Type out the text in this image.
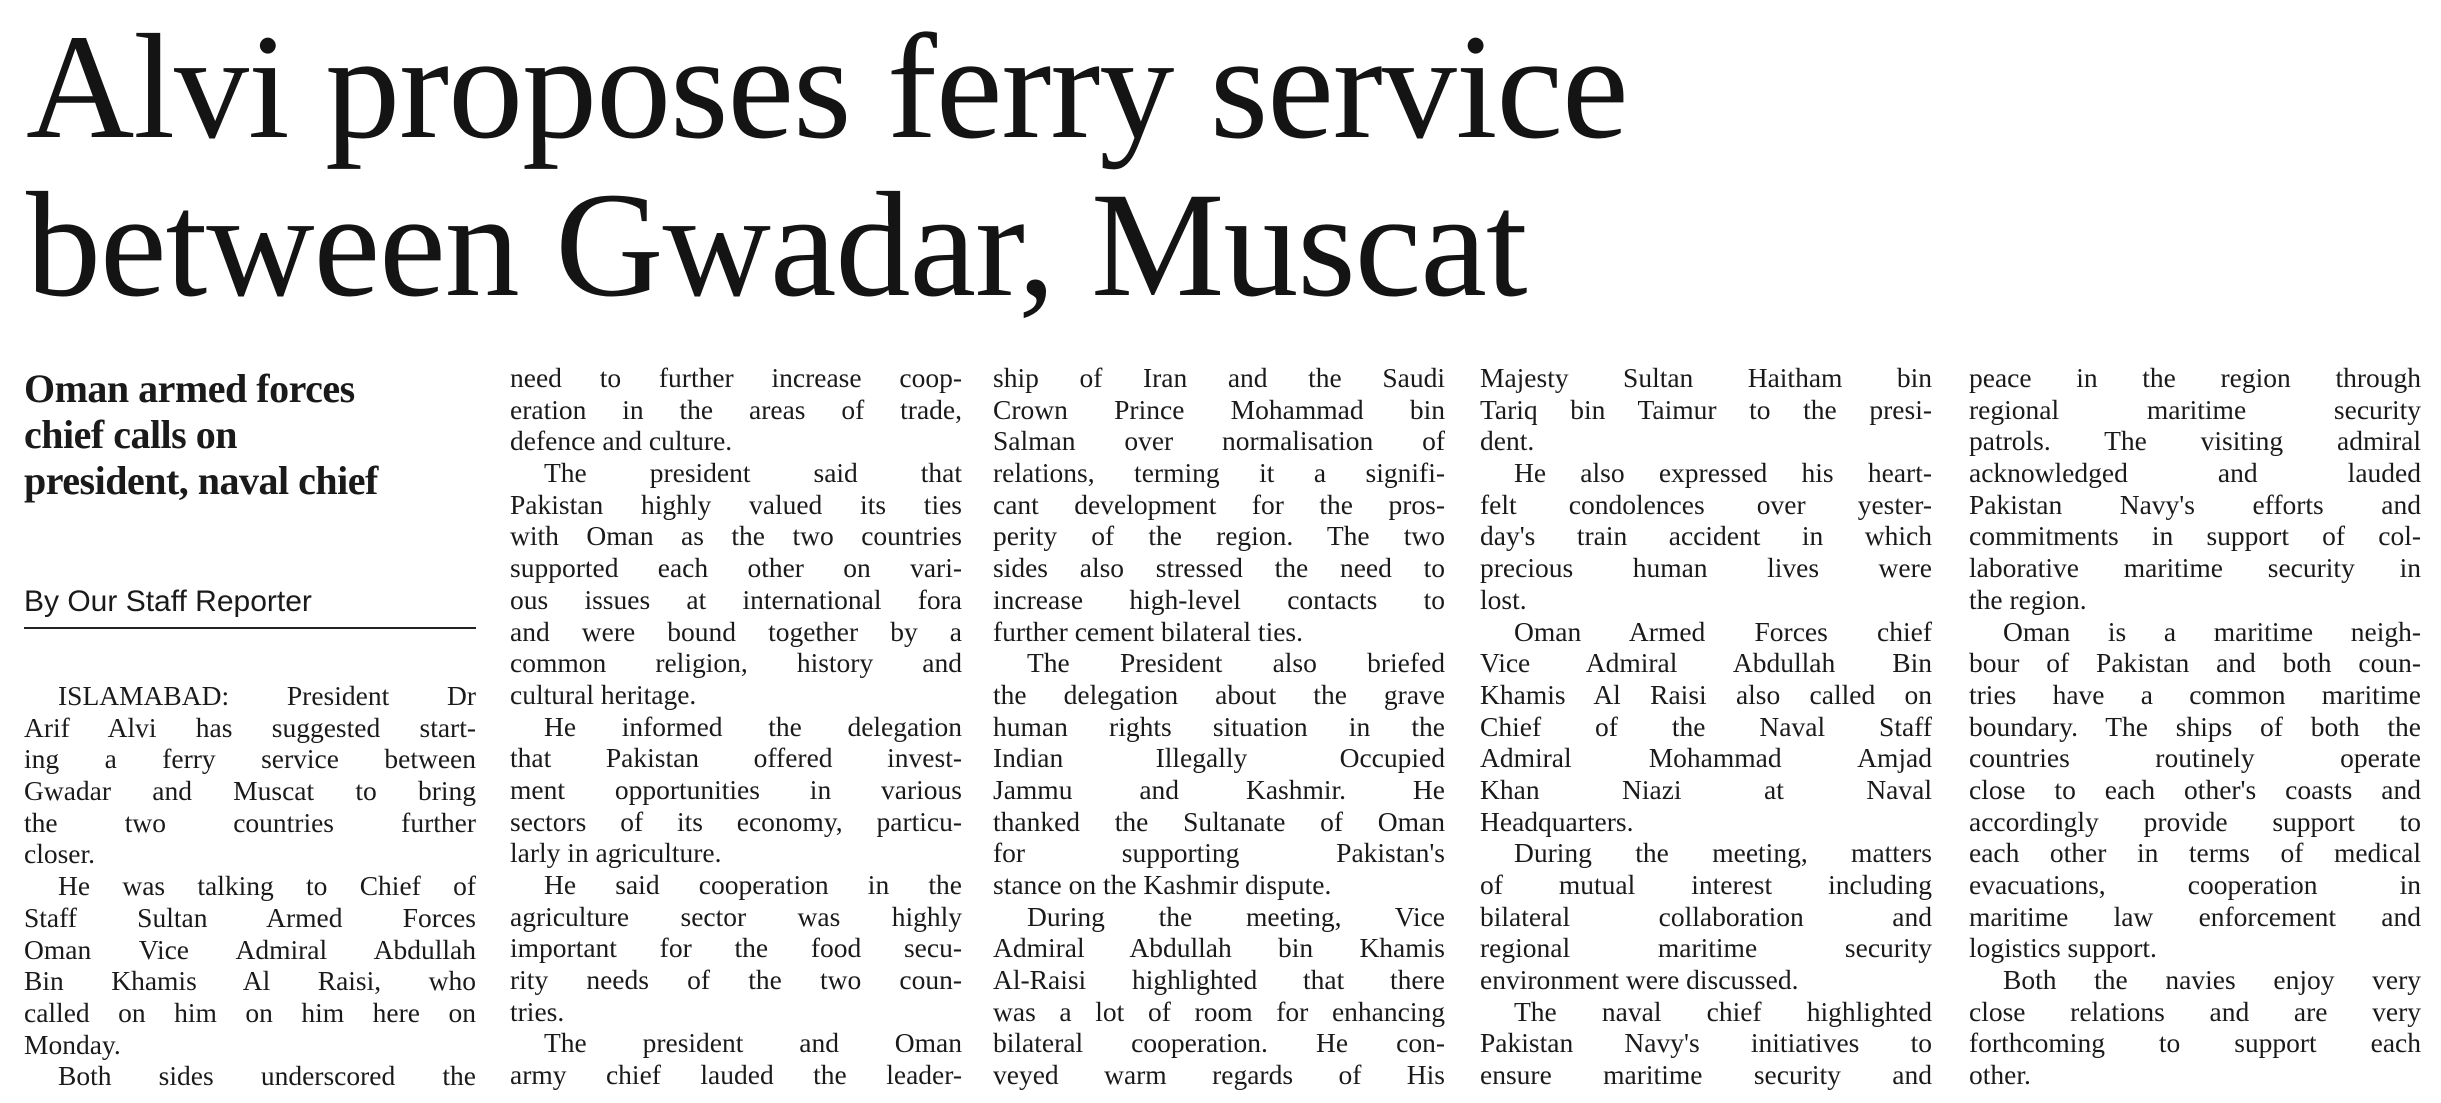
Alvi proposes ferry service
between Gwadar, Muscat
Oman armed forces
chief calls on
president, naval chief
By Our Staff Reporter
ISLAMABAD: President Dr
Arif Alvi has suggested start-
ing a ferry service between
Gwadar and Muscat to bring
the two countries further
closer.
He was talking to Chief of
Staff Sultan Armed Forces
Oman Vice Admiral Abdullah
Bin Khamis Al Raisi, who
called on him on him here on
Monday.
Both sides underscored the
need to further increase coop-
eration in the areas of trade,
defence and culture.
The president said that
Pakistan highly valued its ties
with Oman as the two countries
supported each other on vari-
ous issues at international fora
and were bound together by a
common religion, history and
cultural heritage.
He informed the delegation
that Pakistan offered invest-
ment opportunities in various
sectors of its economy, particu-
larly in agriculture.
He said cooperation in the
agriculture sector was highly
important for the food secu-
rity needs of the two coun-
tries.
The president and Oman
army chief lauded the leader-
ship of Iran and the Saudi
Crown Prince Mohammad bin
Salman over normalisation of
relations, terming it a signifi-
cant development for the pros-
perity of the region. The two
sides also stressed the need to
increase high-level contacts to
further cement bilateral ties.
The President also briefed
the delegation about the grave
human rights situation in the
Indian Illegally Occupied
Jammu and Kashmir. He
thanked the Sultanate of Oman
for supporting Pakistan's
stance on the Kashmir dispute.
During the meeting, Vice
Admiral Abdullah bin Khamis
Al-Raisi highlighted that there
was a lot of room for enhancing
bilateral cooperation. He con-
veyed warm regards of His
Majesty Sultan Haitham bin
Tariq bin Taimur to the presi-
dent.
He also expressed his heart-
felt condolences over yester-
day's train accident in which
precious human lives were
lost.
Oman Armed Forces chief
Vice Admiral Abdullah Bin
Khamis Al Raisi also called on
Chief of the Naval Staff
Admiral Mohammad Amjad
Khan Niazi at Naval
Headquarters.
During the meeting, matters
of mutual interest including
bilateral collaboration and
regional maritime security
environment were discussed.
The naval chief highlighted
Pakistan Navy's initiatives to
ensure maritime security and
peace in the region through
regional maritime security
patrols. The visiting admiral
acknowledged and lauded
Pakistan Navy's efforts and
commitments in support of col-
laborative maritime security in
the region.
Oman is a maritime neigh-
bour of Pakistan and both coun-
tries have a common maritime
boundary. The ships of both the
countries routinely operate
close to each other's coasts and
accordingly provide support to
each other in terms of medical
evacuations, cooperation in
maritime law enforcement and
logistics support.
Both the navies enjoy very
close relations and are very
forthcoming to support each
other.
